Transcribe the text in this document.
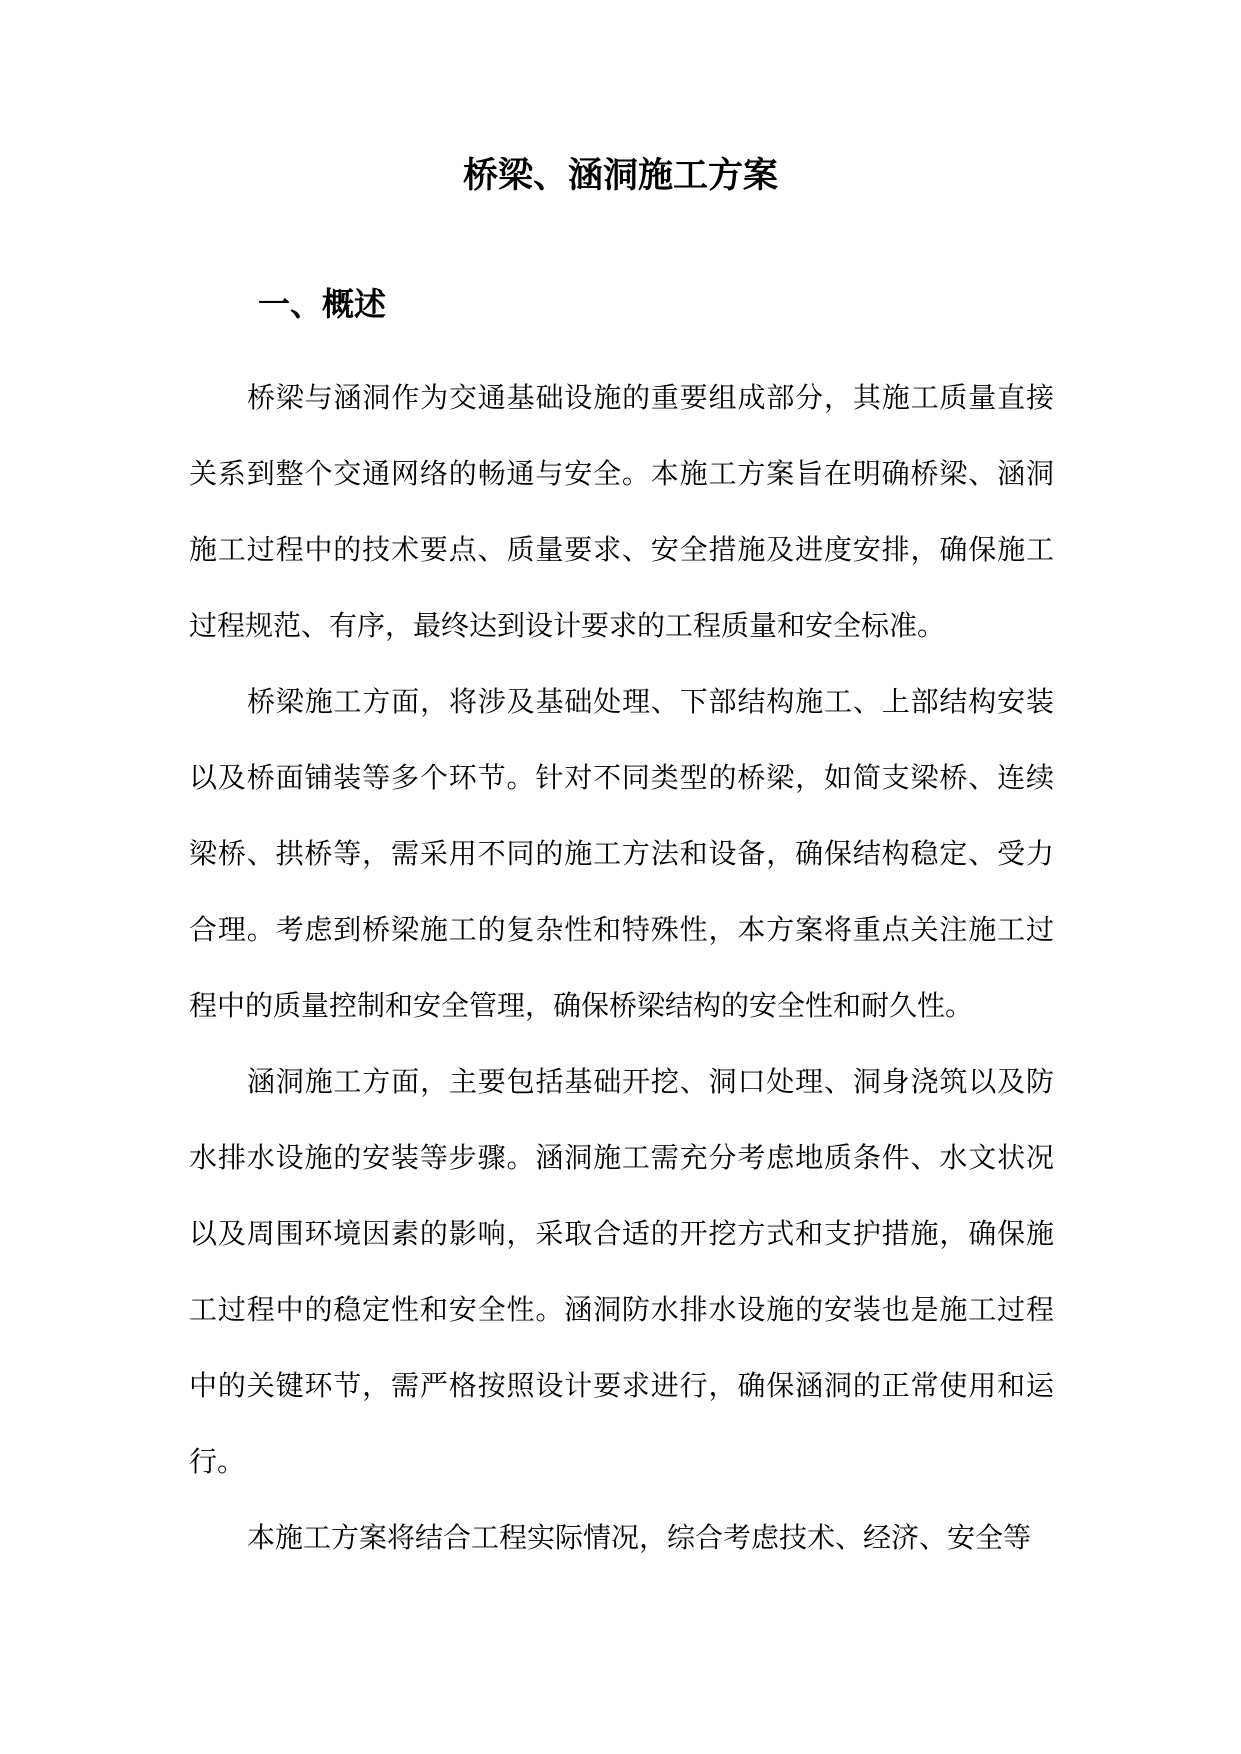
桥梁、涵洞施工方案
一、概述

桥梁与涵洞作为交通基础设施的重要组成部分，其施工质量直接关系到整个交通网络的畅通与安全。本施工方案旨在明确桥梁、涵洞施工过程中的技术要点、质量要求、安全措施及进度安排，确保施工过程规范、有序，最终达到设计要求的工程质量和安全标准。

桥梁施工方面，将涉及基础处理、下部结构施工、上部结构安装以及桥面铺装等多个环节。针对不同类型的桥梁，如简支梁桥、连续梁桥、拱桥等，需采用不同的施工方法和设备，确保结构稳定、受力合理。考虑到桥梁施工的复杂性和特殊性，本方案将重点关注施工过程中的质量控制和安全管理，确保桥梁结构的安全性和耐久性。

涵洞施工方面，主要包括基础开挖、洞口处理、洞身浇筑以及防水排水设施的安装等步骤。涵洞施工需充分考虑地质条件、水文状况以及周围环境因素的影响，采取合适的开挖方式和支护措施，确保施工过程中的稳定性和安全性。涵洞防水排水设施的安装也是施工过程中的关键环节，需严格按照设计要求进行，确保涵洞的正常使用和运行。

本施工方案将结合工程实际情况，综合考虑技术、经济、安全等
